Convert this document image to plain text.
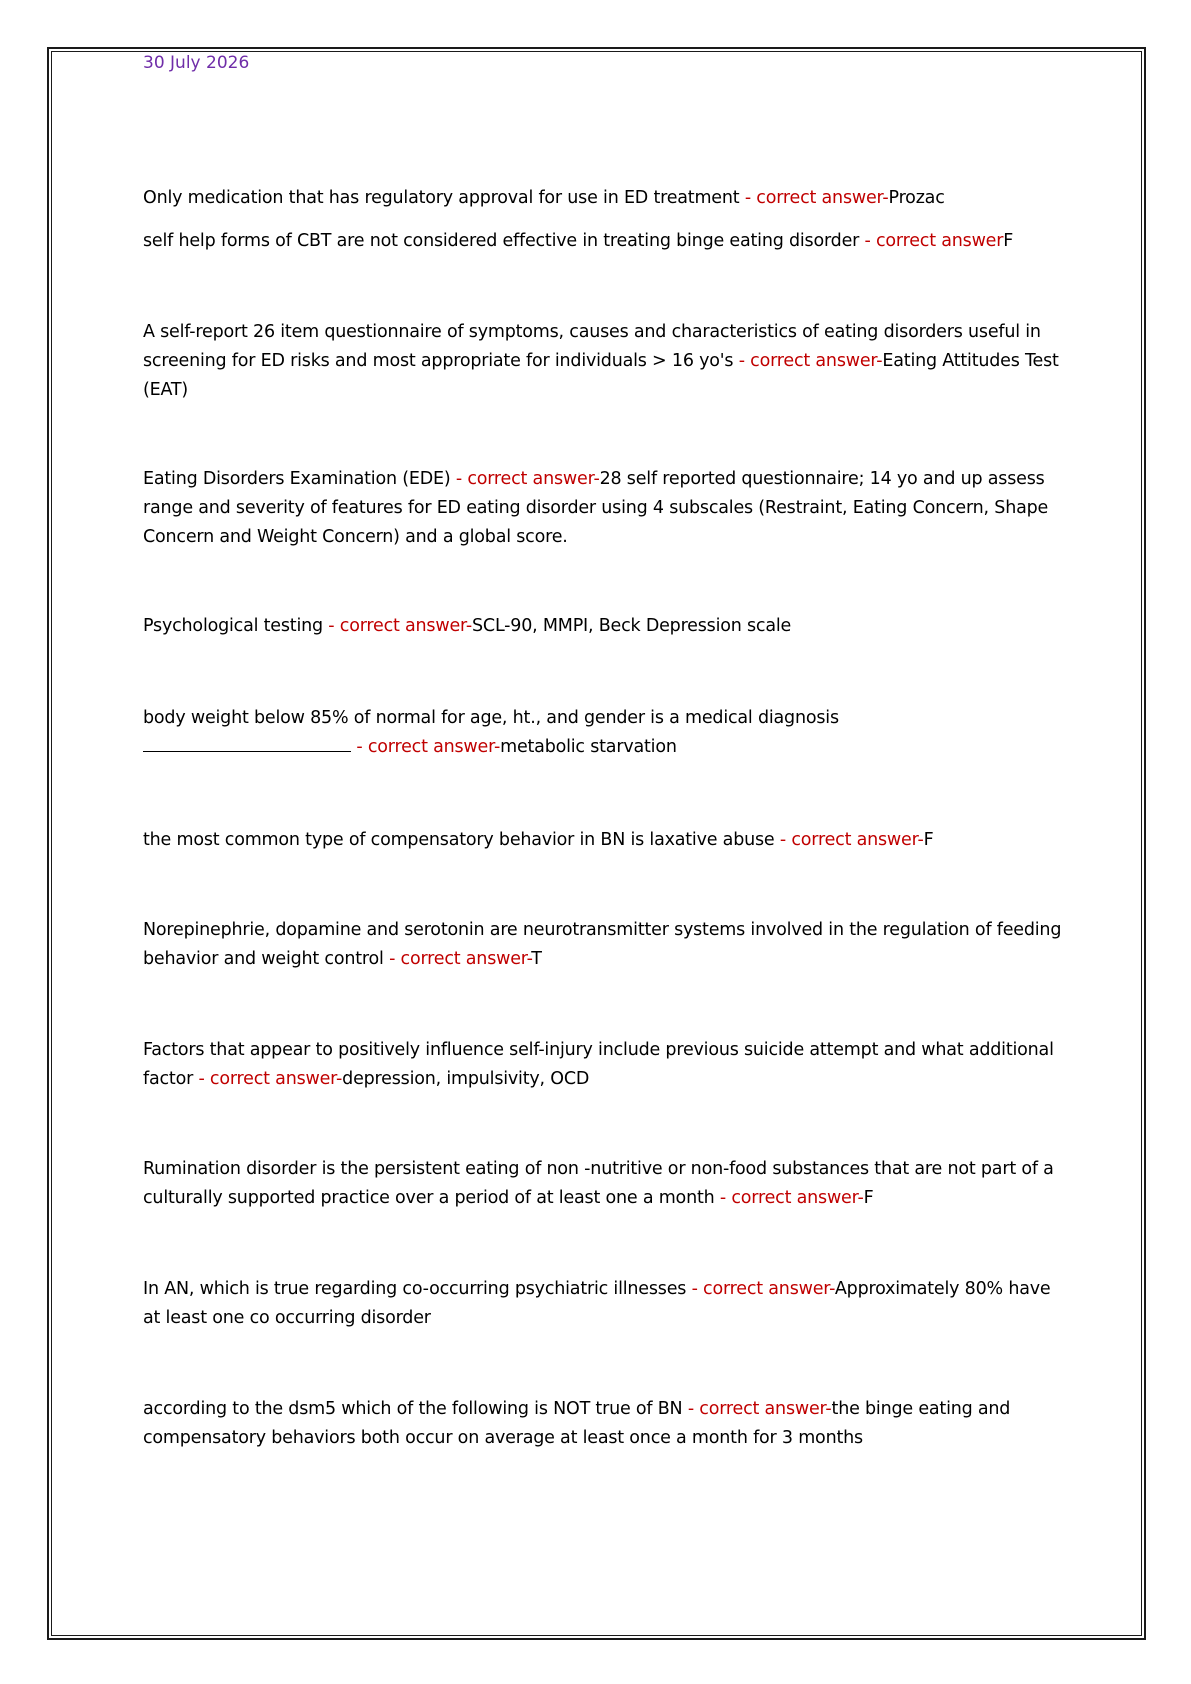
30 July 2026
Only medication that has regulatory approval for use in ED treatment - correct answer-Prozac
self help forms of CBT are not considered effective in treating binge eating disorder - correct answerF
A self-report 26 item questionnaire of symptoms, causes and characteristics of eating disorders useful in screening for ED risks and most appropriate for individuals > 16 yo's - correct answer-Eating Attitudes Test (EAT)
Eating Disorders Examination (EDE) - correct answer-28 self reported questionnaire; 14 yo and up assess range and severity of features for ED eating disorder using 4 subscales (Restraint, Eating Concern, Shape Concern and Weight Concern) and a global score.
Psychological testing - correct answer-SCL-90, MMPI, Beck Depression scale
body weight below 85% of normal for age, ht., and gender is a medical diagnosis
- correct answer-metabolic starvation
the most common type of compensatory behavior in BN is laxative abuse - correct answer-F
Norepinephrie, dopamine and serotonin are neurotransmitter systems involved in the regulation of feeding behavior and weight control - correct answer-T
Factors that appear to positively influence self-injury include previous suicide attempt and what additional factor - correct answer-depression, impulsivity, OCD
Rumination disorder is the persistent eating of non -nutritive or non-food substances that are not part of a culturally supported practice over a period of at least one a month - correct answer-F
In AN, which is true regarding co-occurring psychiatric illnesses - correct answer-Approximately 80% have at least one co occurring disorder
according to the dsm5 which of the following is NOT true of BN - correct answer-the binge eating and compensatory behaviors both occur on average at least once a month for 3 months
